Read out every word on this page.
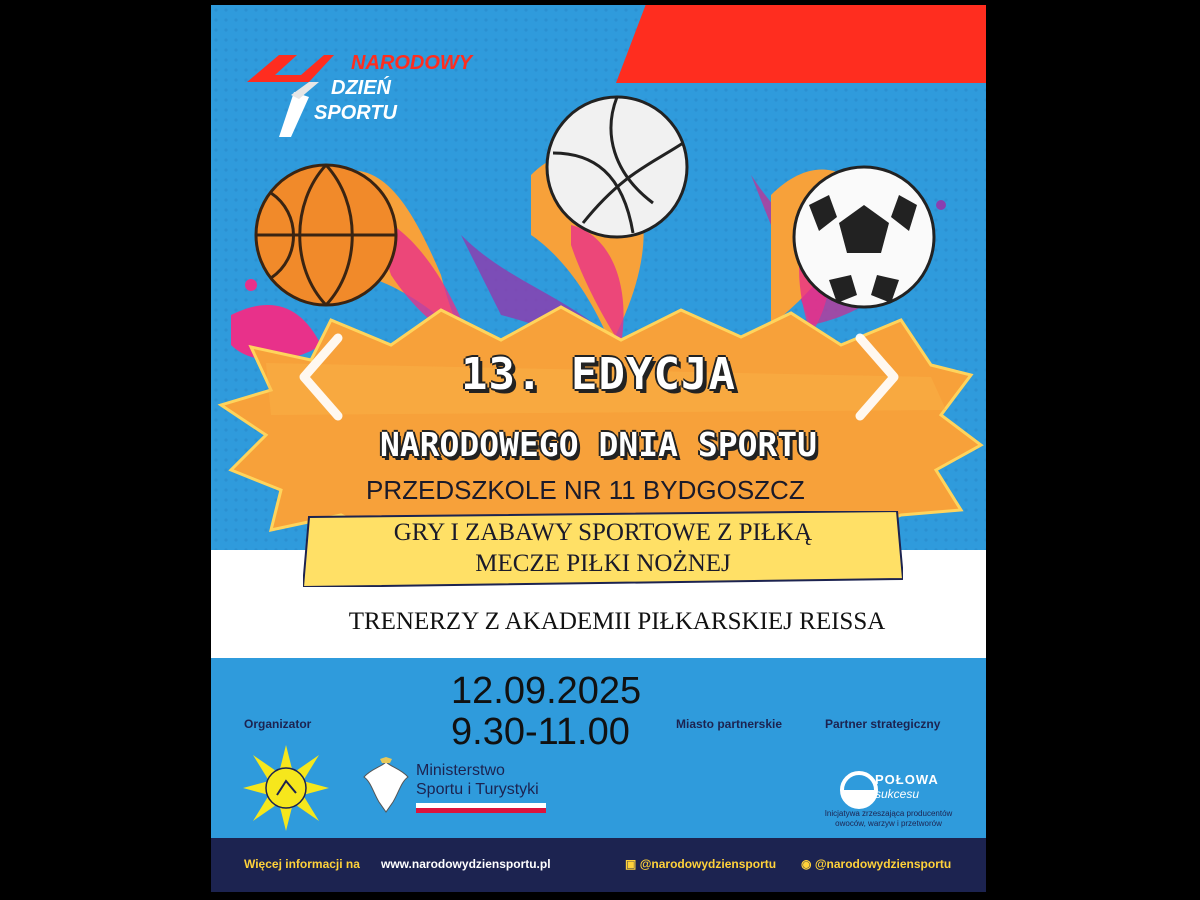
NARODOWY
DZIEŃ
SPORTU
13. EDYCJA
NARODOWEGO DNIA SPORTU
PRZEDSZKOLE NR 11 BYDGOSZCZ
GRY I ZABAWY SPORTOWE Z PIŁKĄ
MECZE PIŁKI NOŻNEJ
TRENERZY Z AKADEMII PIŁKARSKIEJ REISSA
12.09.2025
9.30-11.00
Organizator	Miasto partnerskie	Partner strategiczny
Ministerstwo
Sportu i Turystyki
POŁOWA
sukcesu
Inicjatywa zrzeszająca producentów
owoców, warzyw i przetworów
Więcej informacji na www.narodowydziensportu.pl	▣ @narodowydziensportu ◉ @narodowydziensportu
